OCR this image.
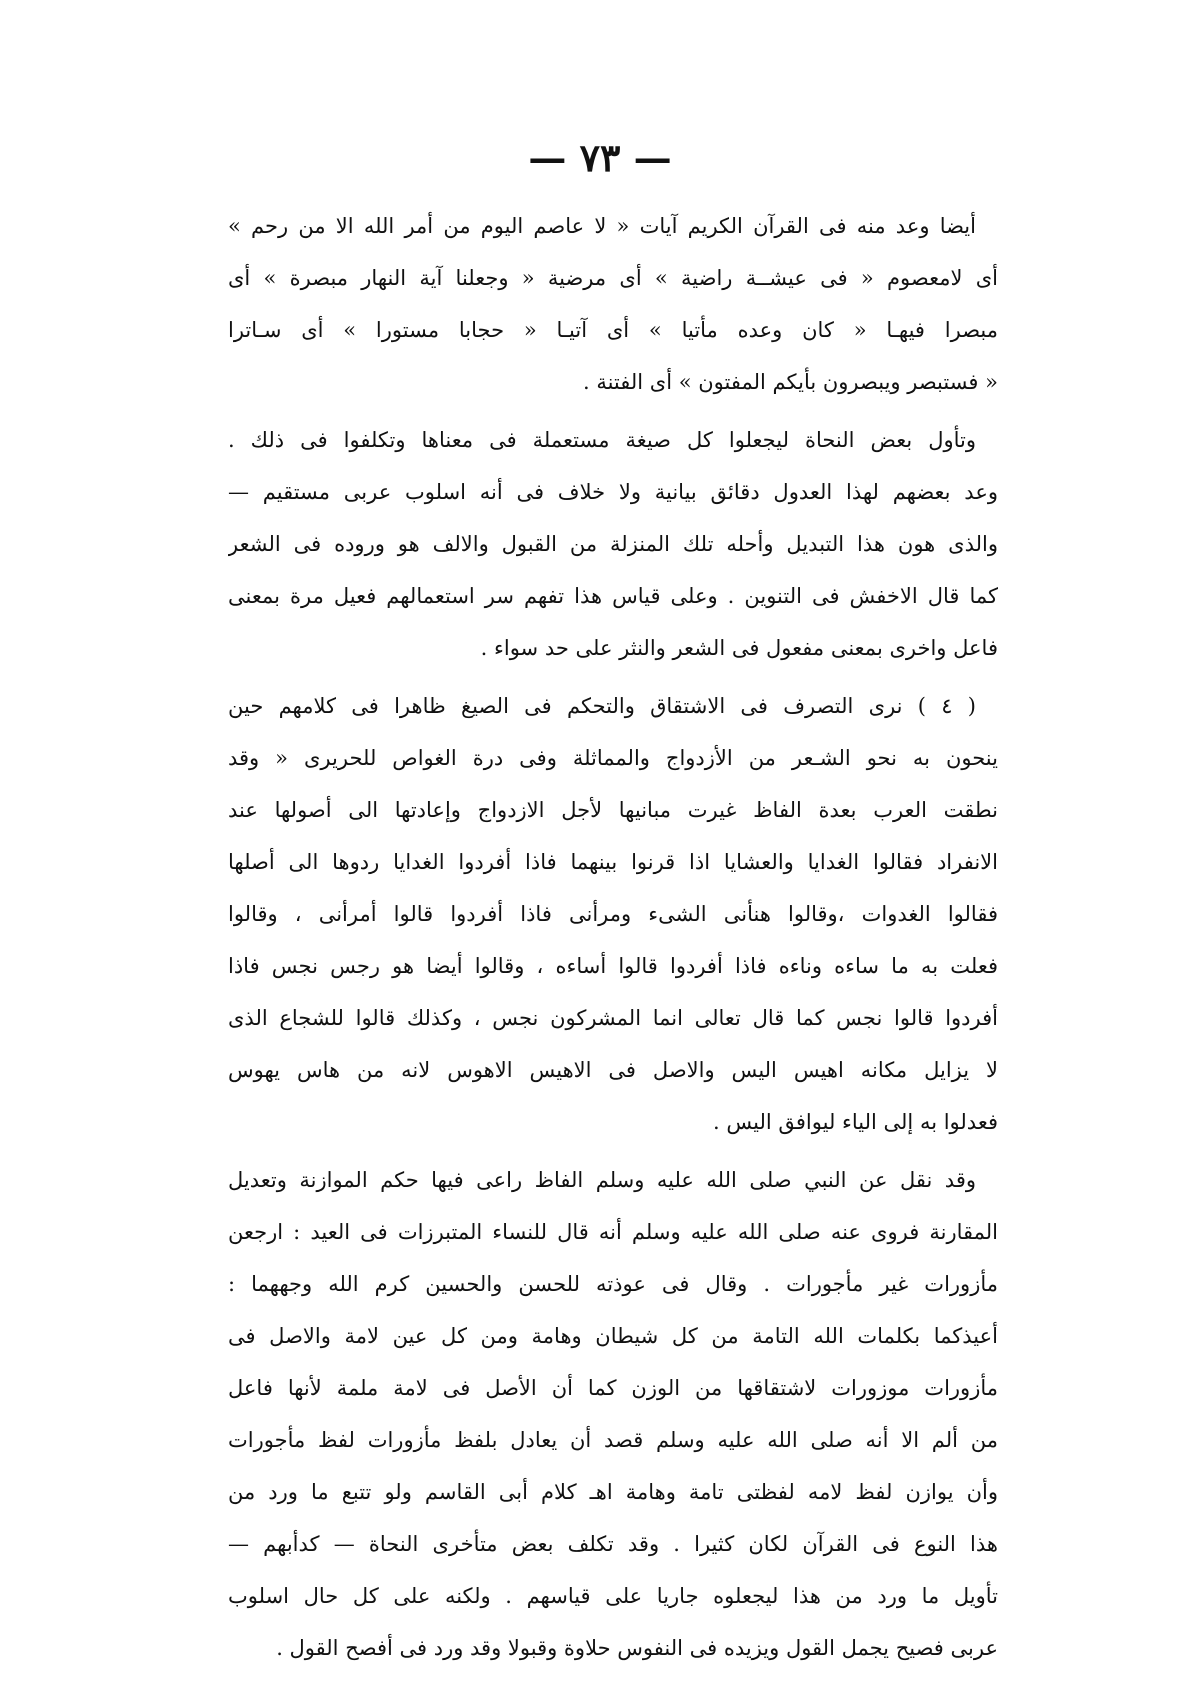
— ٧٣ —
أيضا وعد منه فى القرآن الكريم آيات « لا عاصم اليوم من أمر الله الا من رحم »
أى لامعصوم « فى عيشــة راضية » أى مرضية « وجعلنا آية النهار مبصرة » أى
مبصرا فيهـا « كان وعده مأتيا » أى آتيـا « حجابا مستورا » أى سـاترا
« فستبصر ويبصرون بأيكم المفتون » أى الفتنة .
وتأول بعض النحاة ليجعلوا كل صيغة مستعملة فى معناها وتكلفوا فى ذلك .
وعد بعضهم لهذا العدول دقائق بيانية ولا خلاف فى أنه اسلوب عربى مستقيم —
والذى هون هذا التبديل وأحله تلك المنزلة من القبول والالف هو وروده فى الشعر
كما قال الاخفش فى التنوين . وعلى قياس هذا تفهم سر استعمالهم فعيل مرة بمعنى
فاعل واخرى بمعنى مفعول فى الشعر والنثر على حد سواء .
( ٤ ) نرى التصرف فى الاشتقاق والتحكم فى الصيغ ظاهرا فى كلامهم حين
ينحون به نحو الشـعر من الأزدواج والمماثلة وفى درة الغواص للحريرى « وقد
نطقت العرب بعدة الفاظ غيرت مبانيها لأجل الازدواج وإعادتها الى أصولها عند
الانفراد فقالوا الغدايا والعشايا اذا قرنوا بينهما فاذا أفردوا الغدايا ردوها الى أصلها
فقالوا الغدوات ،وقالوا هنأنى الشىء ومرأنى فاذا أفردوا قالوا أمرأنى ، وقالوا
فعلت به ما ساءه وناءه فاذا أفردوا قالوا أساءه ، وقالوا أيضا هو رجس نجس فاذا
أفردوا قالوا نجس كما قال تعالى انما المشركون نجس ، وكذلك قالوا للشجاع الذى
لا يزايل مكانه اهيس اليس والاصل فى الاهيس الاهوس لانه من هاس يهوس
فعدلوا به إلى الياء ليوافق اليس .
وقد نقل عن النبي صلى الله عليه وسلم الفاظ راعى فيها حكم الموازنة وتعديل
المقارنة فروى عنه صلى الله عليه وسلم أنه قال للنساء المتبرزات فى العيد : ارجعن
مأزورات غير مأجورات . وقال فى عوذته للحسن والحسين كرم الله وجههما :
أعيذكما بكلمات الله التامة من كل شيطان وهامة ومن كل عين لامة والاصل فى
مأزورات موزورات لاشتقاقها من الوزن كما أن الأصل فى لامة ملمة لأنها فاعل
من ألم الا أنه صلى الله عليه وسلم قصد أن يعادل بلفظ مأزورات لفظ مأجورات
وأن يوازن لفظ لامه لفظتى تامة وهامة اهـ كلام أبى القاسم ولو تتبع ما ورد من
هذا النوع فى القرآن لكان كثيرا . وقد تكلف بعض متأخرى النحاة — كدأبهم —
تأويل ما ورد من هذا ليجعلوه جاريا على قياسهم . ولكنه على كل حال اسلوب
عربى فصيح يجمل القول ويزيده فى النفوس حلاوة وقبولا وقد ورد فى أفصح القول .
